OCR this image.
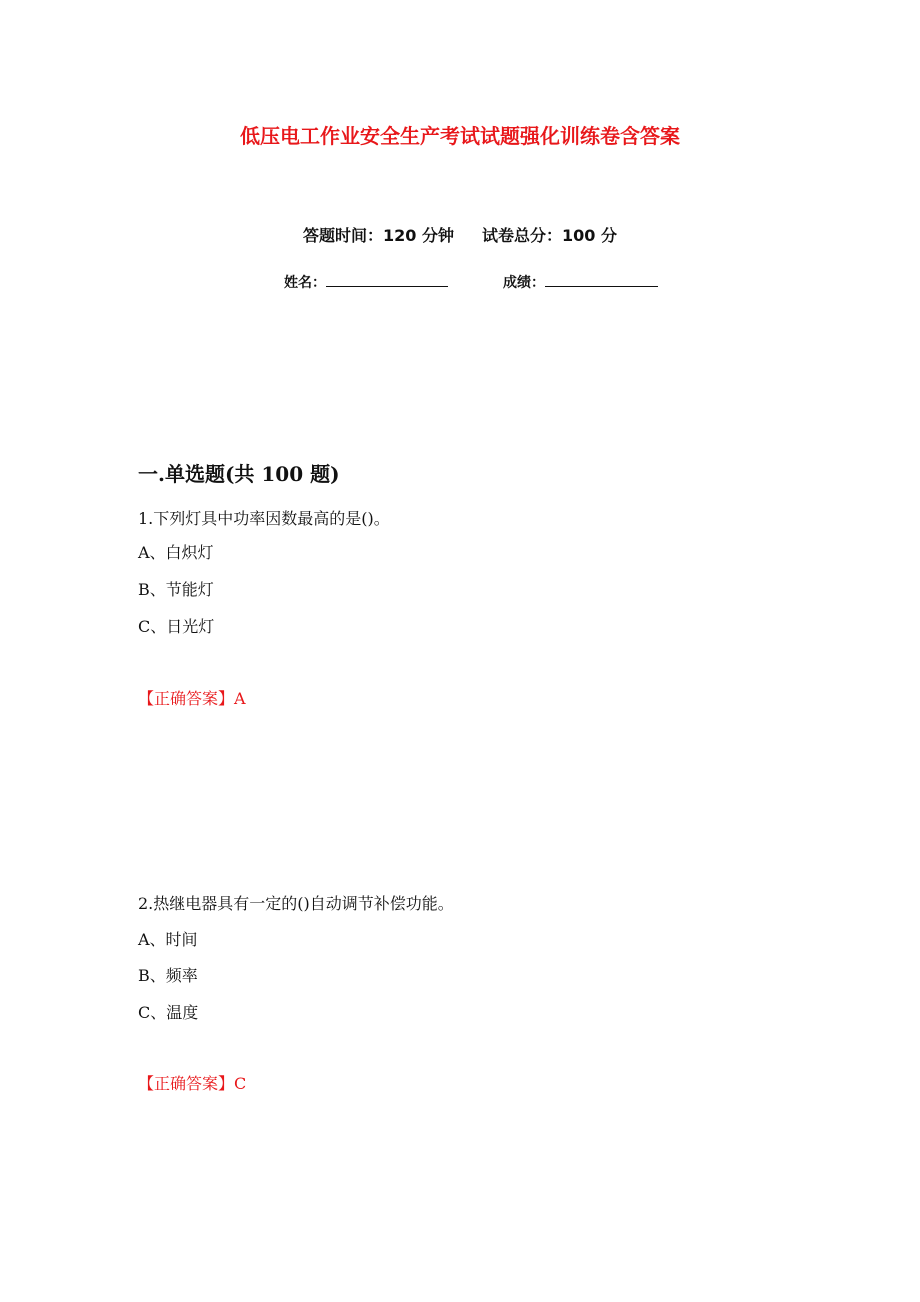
低压电工作业安全生产考试试题强化训练卷含答案
答题时间：120 分钟 试卷总分：100 分
姓名：	成绩：
一.单选题(共 100 题)
1.下列灯具中功率因数最高的是()。
A、白炽灯
B、节能灯
C、日光灯
【正确答案】A
2.热继电器具有一定的()自动调节补偿功能。
A、时间
B、频率
C、温度
【正确答案】C
